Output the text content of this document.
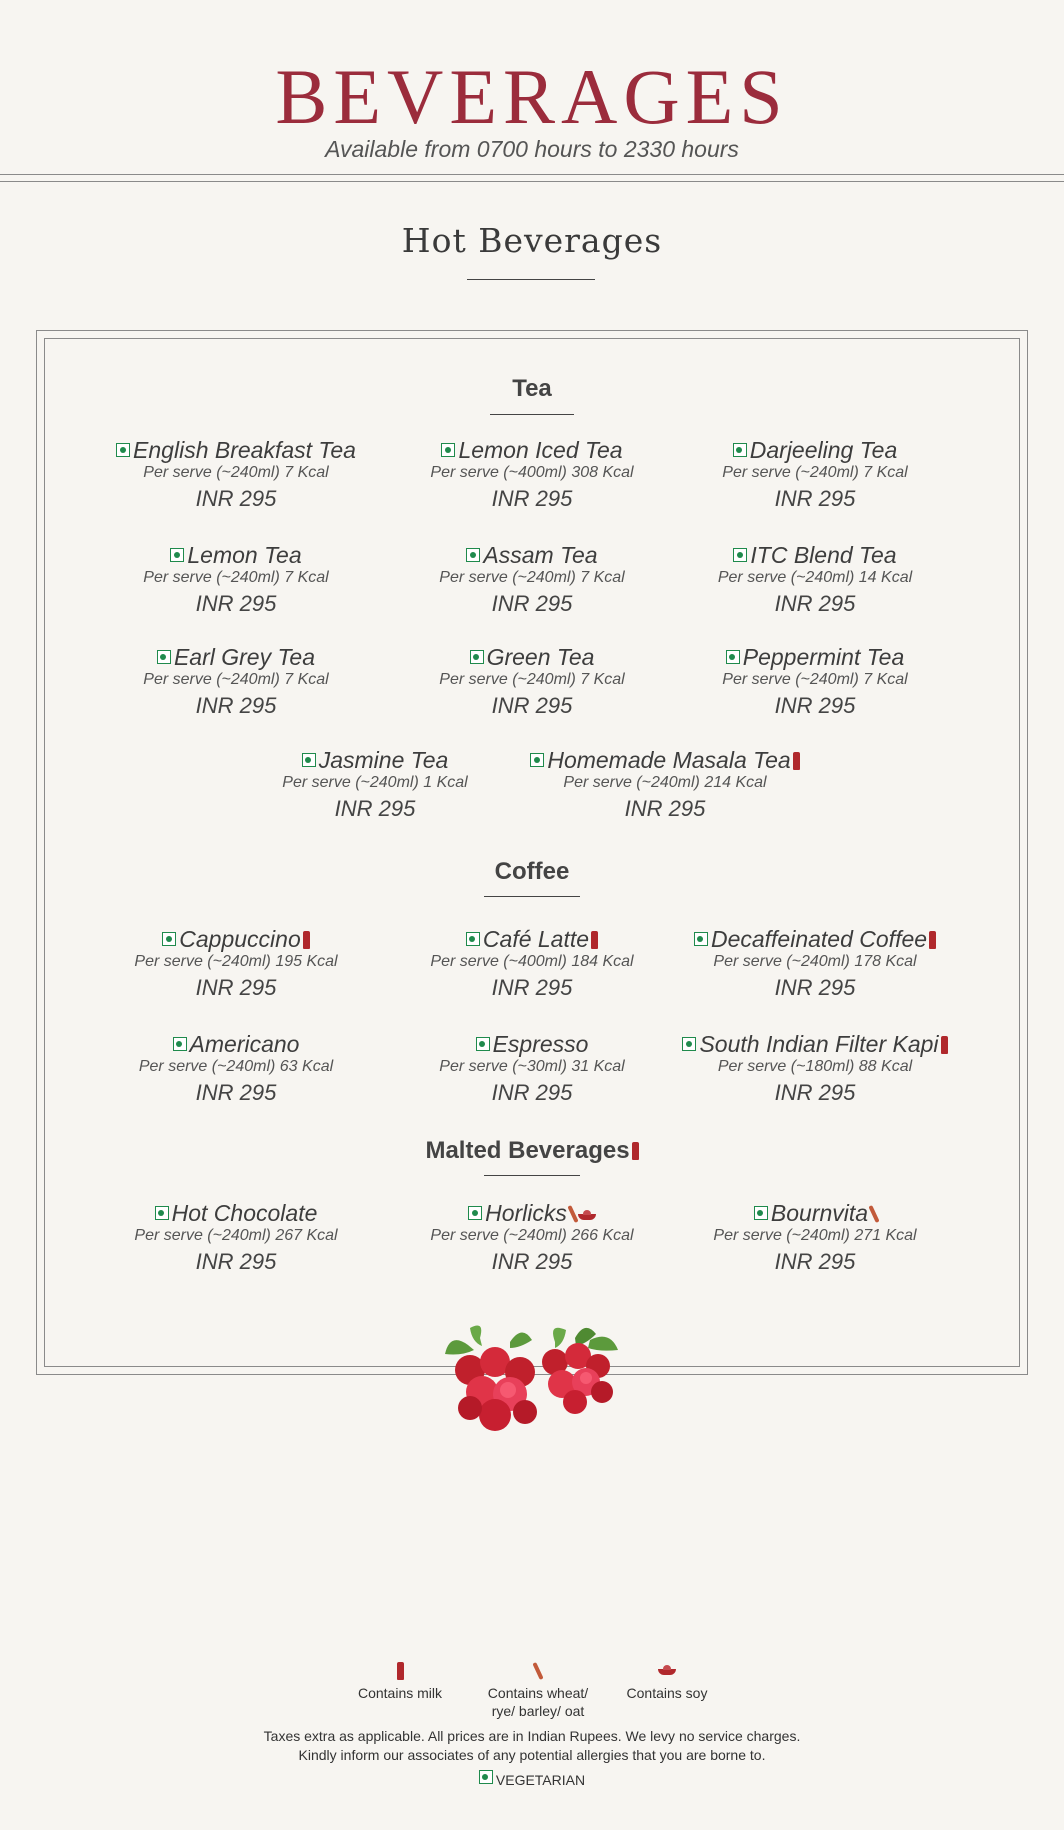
BEVERAGES
Available from 0700 hours to 2330 hours
Hot Beverages
Tea
Coffee
Malted Beverages
English Breakfast Tea
Per serve (~240ml) 7 Kcal
INR 295
Lemon Iced Tea
Per serve (~400ml) 308 Kcal
INR 295
Darjeeling Tea
Per serve (~240ml) 7 Kcal
INR 295
Lemon Tea
Per serve (~240ml) 7 Kcal
INR 295
Assam Tea
Per serve (~240ml) 7 Kcal
INR 295
ITC Blend Tea
Per serve (~240ml) 14 Kcal
INR 295
Earl Grey Tea
Per serve (~240ml) 7 Kcal
INR 295
Green Tea
Per serve (~240ml) 7 Kcal
INR 295
Peppermint Tea
Per serve (~240ml) 7 Kcal
INR 295
Jasmine Tea
Per serve (~240ml) 1 Kcal
INR 295
Homemade Masala Tea
Per serve (~240ml) 214 Kcal
INR 295
Cappuccino
Per serve (~240ml) 195 Kcal
INR 295
Café Latte
Per serve (~400ml) 184 Kcal
INR 295
Decaffeinated Coffee
Per serve (~240ml) 178 Kcal
INR 295
Americano
Per serve (~240ml) 63 Kcal
INR 295
Espresso
Per serve (~30ml) 31 Kcal
INR 295
South Indian Filter Kapi
Per serve (~180ml) 88 Kcal
INR 295
Hot Chocolate
Per serve (~240ml) 267 Kcal
INR 295
Horlicks
Per serve (~240ml) 266 Kcal
INR 295
Bournvita
Per serve (~240ml) 271 Kcal
INR 295
Contains milk	Contains wheat/
rye/ barley/ oat
Contains soy
Taxes extra as applicable. All prices are in Indian Rupees. We levy no service charges.
Kindly inform our associates of any potential allergies that you are borne to.
VEGETARIAN
